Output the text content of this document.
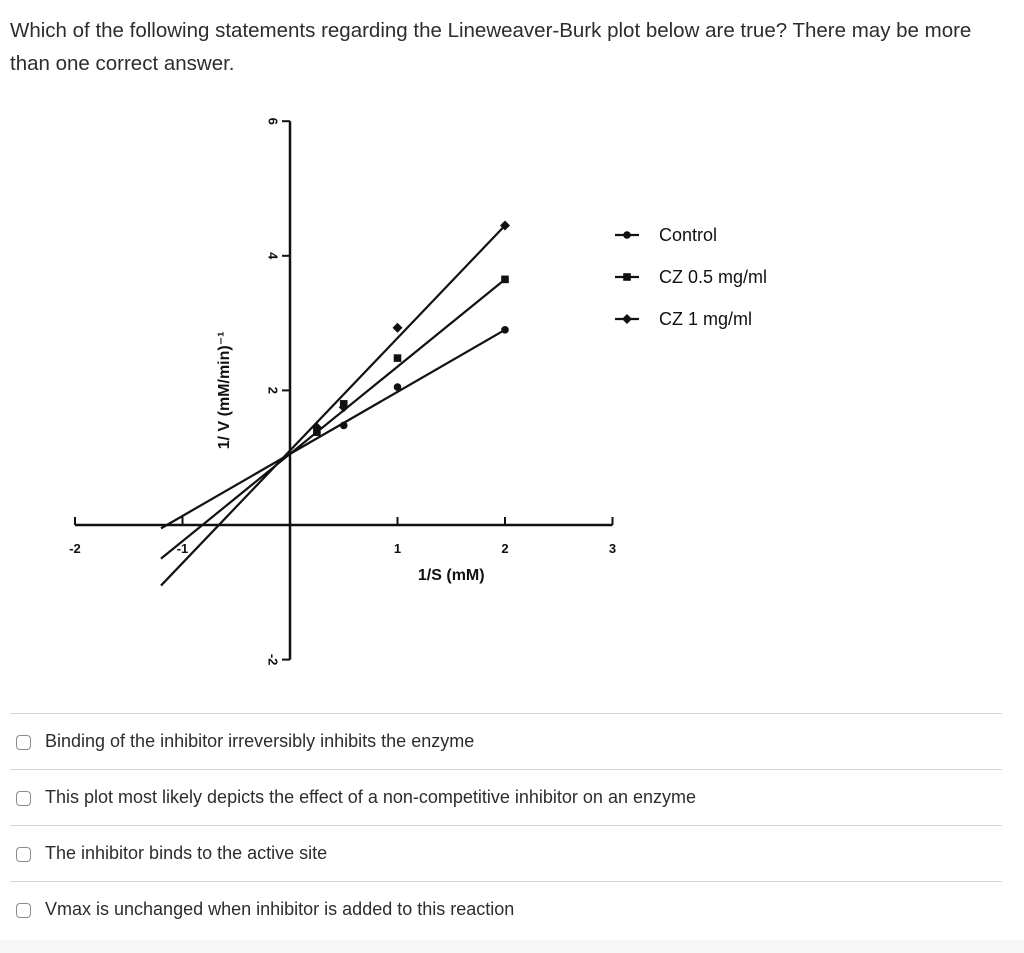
Which of the following statements regarding the Lineweaver-Burk plot below are true? There may be more than one correct answer.

-2	-1	1	2	3
-2
2
4
6
1/S (mM)
1/ V (mM/min)⁻¹
Control
CZ 0.5 mg/ml
CZ 1 mg/ml
Binding of the inhibitor irreversibly inhibits the enzyme
This plot most likely depicts the effect of a non-competitive inhibitor on an enzyme
The inhibitor binds to the active site
Vmax is unchanged when inhibitor is added to this reaction
